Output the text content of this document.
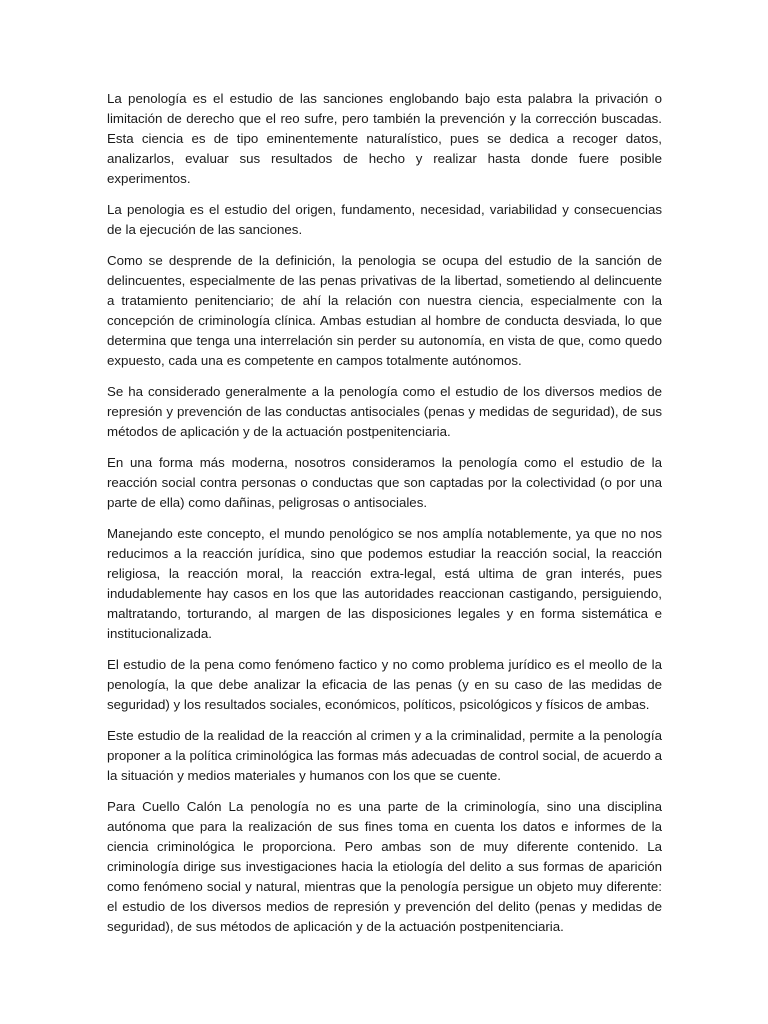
La penología es el estudio de las sanciones englobando bajo esta palabra la privación o limitación de derecho que el reo sufre, pero también la prevención y la corrección buscadas. Esta ciencia es de tipo eminentemente naturalístico, pues se dedica a recoger datos, analizarlos, evaluar sus resultados de hecho y realizar hasta donde fuere posible experimentos.

La penologia es el estudio del origen, fundamento, necesidad, variabilidad y consecuencias de la ejecución de las sanciones.

Como se desprende de la definición, la penologia se ocupa del estudio de la sanción de delincuentes, especialmente de las penas privativas de la libertad, sometiendo al delincuente a tratamiento penitenciario; de ahí la relación con nuestra ciencia, especialmente con la concepción de criminología clínica. Ambas estudian al hombre de conducta desviada, lo que determina que tenga una interrelación sin perder su autonomía, en vista de que, como quedo expuesto, cada una es competente en campos totalmente autónomos.

Se ha considerado generalmente a la penología como el estudio de los diversos medios de represión y prevención de las conductas antisociales (penas y medidas de seguridad), de sus métodos de aplicación y de la actuación postpenitenciaria.

En una forma más moderna, nosotros consideramos la penología como el estudio de la reacción social contra personas o conductas que son captadas por la colectividad (o por una parte de ella) como dañinas, peligrosas o antisociales.

Manejando este concepto, el mundo penológico se nos amplía notablemente, ya que no nos reducimos a la reacción jurídica, sino que podemos estudiar la reacción social, la reacción religiosa, la reacción moral, la reacción extra-legal, está ultima de gran interés, pues indudablemente hay casos en los que las autoridades reaccionan castigando, persiguiendo, maltratando, torturando, al margen de las disposiciones legales y en forma sistemática e institucionalizada.

El estudio de la pena como fenómeno factico y no como problema jurídico es el meollo de la penología, la que debe analizar la eficacia de las penas (y en su caso de las medidas de seguridad) y los resultados sociales, económicos, políticos, psicológicos y físicos de ambas.

Este estudio de la realidad de la reacción al crimen y a la criminalidad, permite a la penología proponer a la política criminológica las formas más adecuadas de control social, de acuerdo a la situación y medios materiales y humanos con los que se cuente.

Para Cuello Calón La penología no es una parte de la criminología, sino una disciplina autónoma que para la realización de sus fines toma en cuenta los datos e informes de la ciencia criminológica le proporciona. Pero ambas son de muy diferente contenido. La criminología dirige sus investigaciones hacia la etiología del delito a sus formas de aparición como fenómeno social y natural, mientras que la penología persigue un objeto muy diferente: el estudio de los diversos medios de represión y prevención del delito (penas y medidas de seguridad), de sus métodos de aplicación y de la actuación postpenitenciaria.
